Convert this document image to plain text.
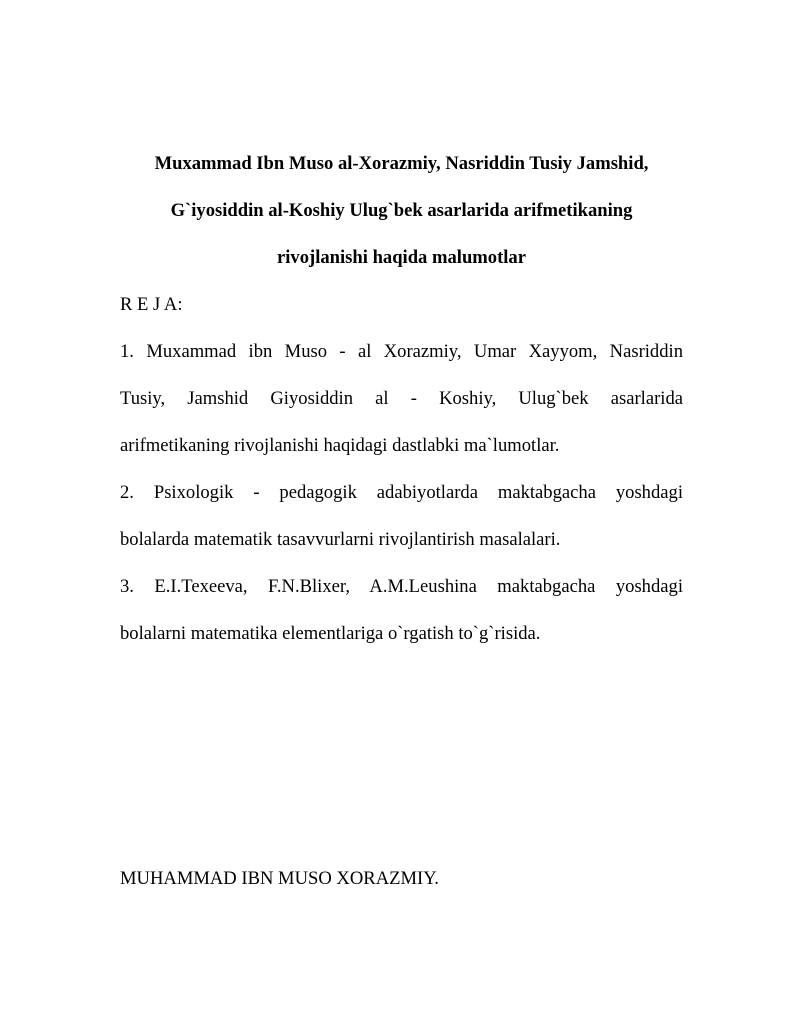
Muxammad Ibn Muso al-Xorazmiy, Nasriddin Tusiy Jamshid,

G`iyosiddin al-Koshiy Ulug`bek asarlarida arifmetikaning

rivojlanishi haqida malumotlar

R E J A:

1. Muxammad ibn Muso - al Xorazmiy, Umar Xayyom, Nasriddin
Tusiy, Jamshid Giyosiddin al - Koshiy, Ulug`bek asarlarida
arifmetikaning rivojlanishi haqidagi dastlabki ma`lumotlar.
2. Psixologik - pedagogik adabiyotlarda maktabgacha yoshdagi
bolalarda matematik tasavvurlarni rivojlantirish masalalari.
3. E.I.Texeeva, F.N.Blixer, A.M.Leushina maktabgacha yoshdagi
bolalarni matematika elementlariga o`rgatish to`g`risida.

MUHAMMAD IBN MUSO XORAZMIY.
